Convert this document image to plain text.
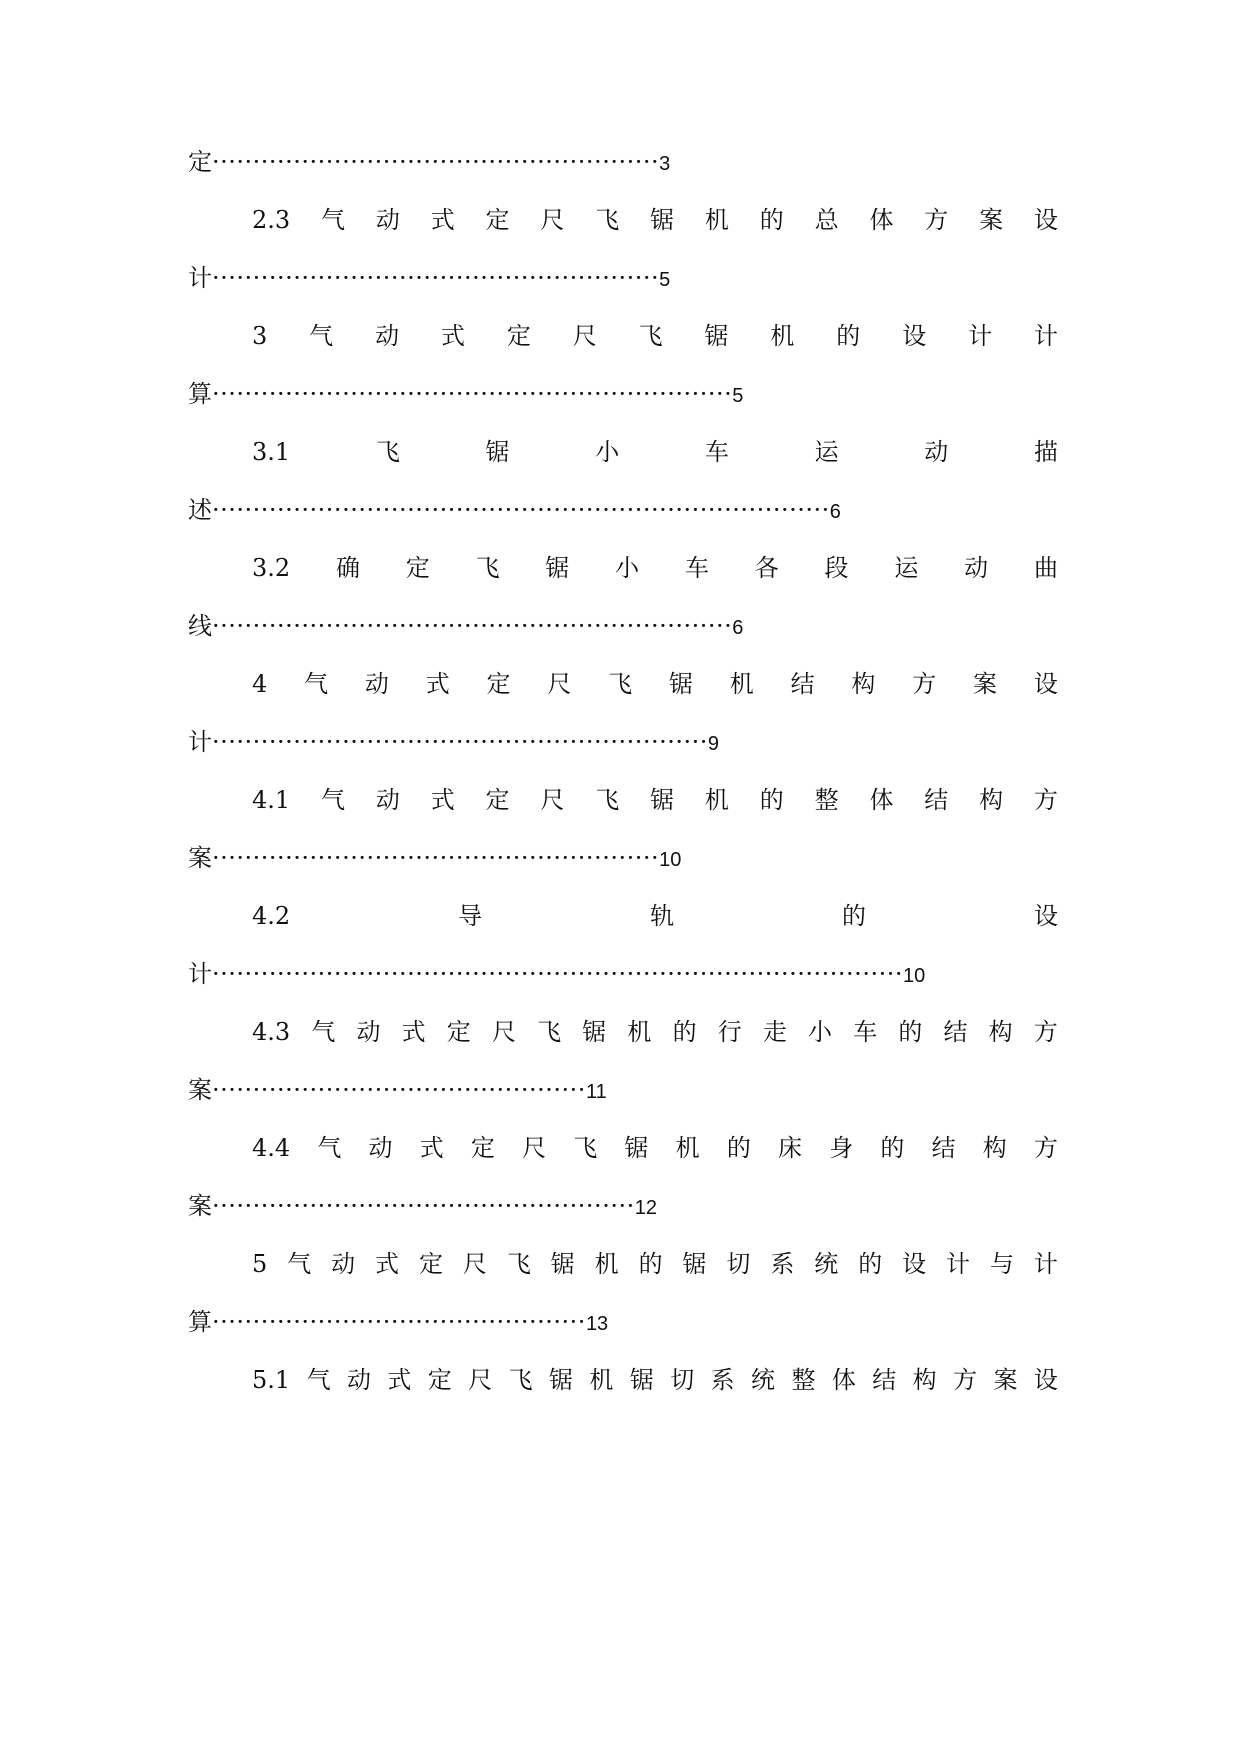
定·······················································3
2.3 气 动 式 定 尺 飞 锯 机 的 总 体 方 案 设
计·······················································5
3 气 动 式 定 尺 飞 锯 机 的 设 计 计
算································································5
3.1	飞	锯	小	车	运	动	描
述············································································6
3.2 确 定 飞 锯 小 车 各 段 运 动 曲
线································································6
4 气 动 式 定 尺 飞 锯 机 结 构 方 案 设
计·····························································9
4.1 气 动 式 定 尺 飞 锯 机 的 整 体 结 构 方
案·······················································10
4.2	导	轨	的	设
计·····················································································10
4.3 气 动 式 定 尺 飞 锯 机 的 行 走 小 车 的 结 构 方
案··············································11
4.4 气 动 式 定 尺 飞 锯 机 的 床 身 的 结 构 方
案····················································12
5 气 动 式 定 尺 飞 锯 机 的 锯 切 系 统 的 设 计 与 计
算··············································13
5.1 气 动 式 定 尺 飞 锯 机 锯 切 系 统 整 体 结 构 方 案 设
